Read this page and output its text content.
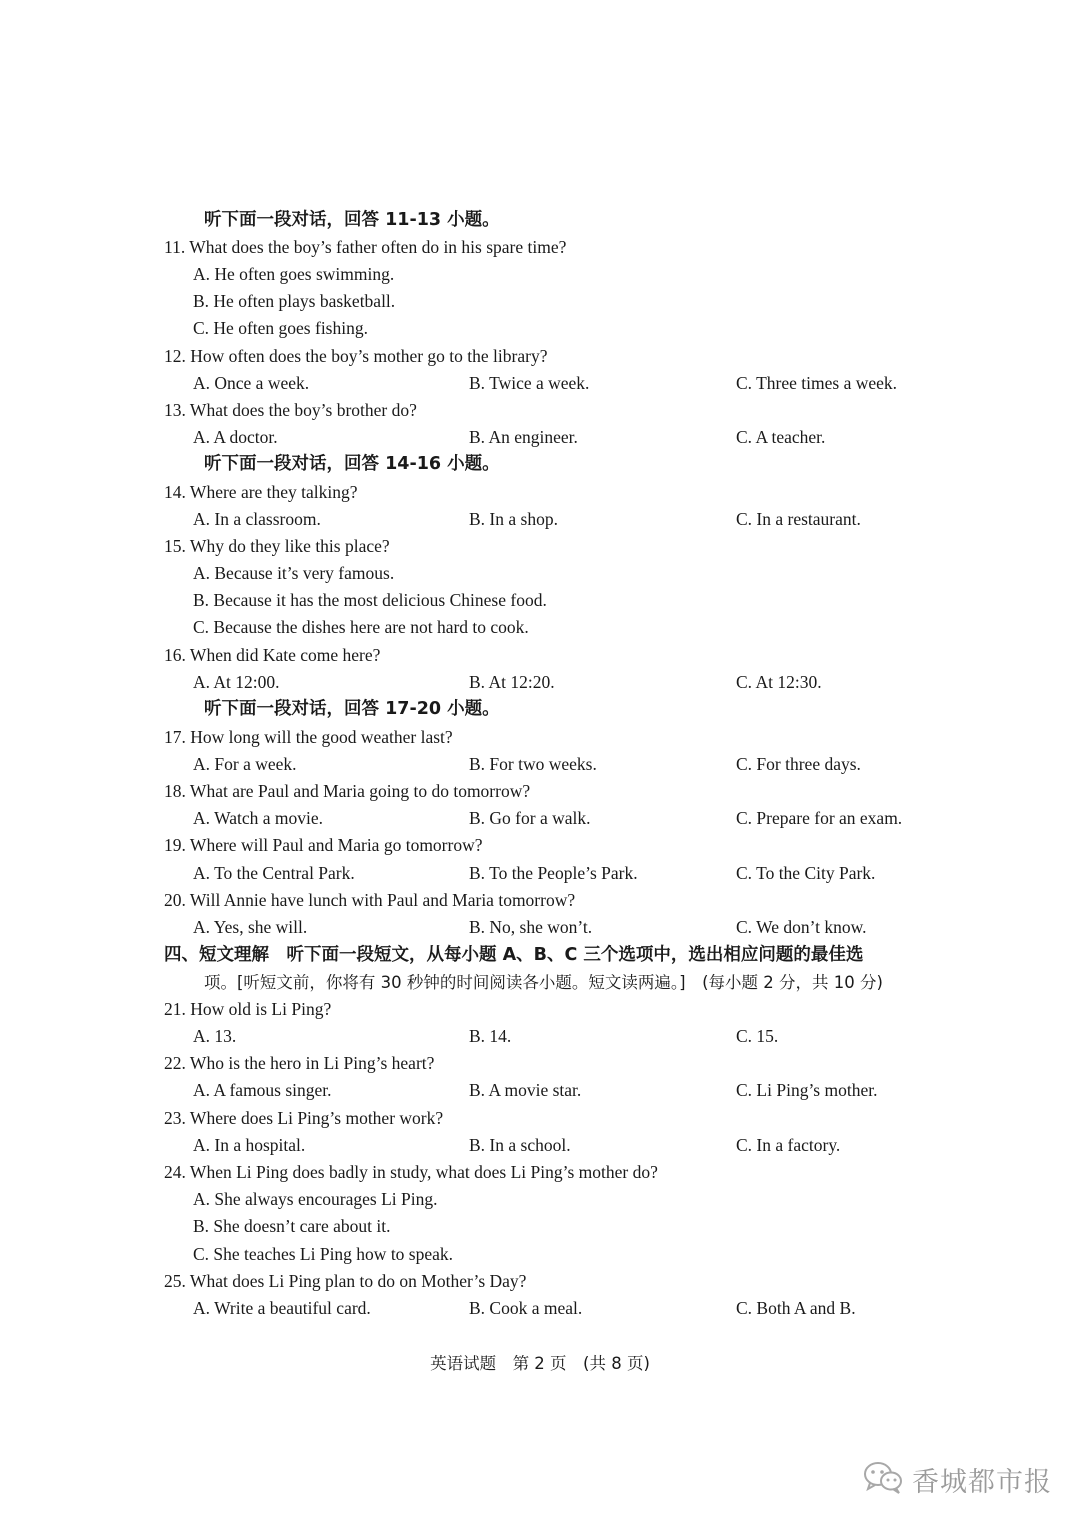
听下面一段对话，回答 11-13 小题。
11. What does the boy’s father often do in his spare time?
A. He often goes swimming.
B. He often plays basketball.
C. He often goes fishing.
12. How often does the boy’s mother go to the library?
A. Once a week.	B. Twice a week.	C. Three times a week.
13. What does the boy’s brother do?
A. A doctor.	B. An engineer.	C. A teacher.
听下面一段对话，回答 14-16 小题。
14. Where are they talking?
A. In a classroom.	B. In a shop.	C. In a restaurant.
15. Why do they like this place?
A. Because it’s very famous.
B. Because it has the most delicious Chinese food.
C. Because the dishes here are not hard to cook.
16. When did Kate come here?
A. At 12:00.	B. At 12:20.	C. At 12:30.
听下面一段对话，回答 17-20 小题。
17. How long will the good weather last?
A. For a week.	B. For two weeks.	C. For three days.
18. What are Paul and Maria going to do tomorrow?
A. Watch a movie.	B. Go for a walk.	C. Prepare for an exam.
19. Where will Paul and Maria go tomorrow?
A. To the Central Park.	B. To the People’s Park.	C. To the City Park.
20. Will Annie have lunch with Paul and Maria tomorrow?
A. Yes, she will.	B. No, she won’t.	C. We don’t know.
四、短文理解　听下面一段短文，从每小题 A、B、C 三个选项中，选出相应问题的最佳选
项。[听短文前，你将有 30 秒钟的时间阅读各小题。短文读两遍。]　(每小题 2 分，共 10 分)
21. How old is Li Ping?
A. 13.	B. 14.	C. 15.
22. Who is the hero in Li Ping’s heart?
A. A famous singer.	B. A movie star.	C. Li Ping’s mother.
23. Where does Li Ping’s mother work?
A. In a hospital.	B. In a school.	C. In a factory.
24. When Li Ping does badly in study, what does Li Ping’s mother do?
A. She always encourages Li Ping.
B. She doesn’t care about it.
C. She teaches Li Ping how to speak.
25. What does Li Ping plan to do on Mother’s Day?
A. Write a beautiful card.	B. Cook a meal.	C. Both A and B.
英语试题　第 2 页　(共 8 页)
香城都市报
